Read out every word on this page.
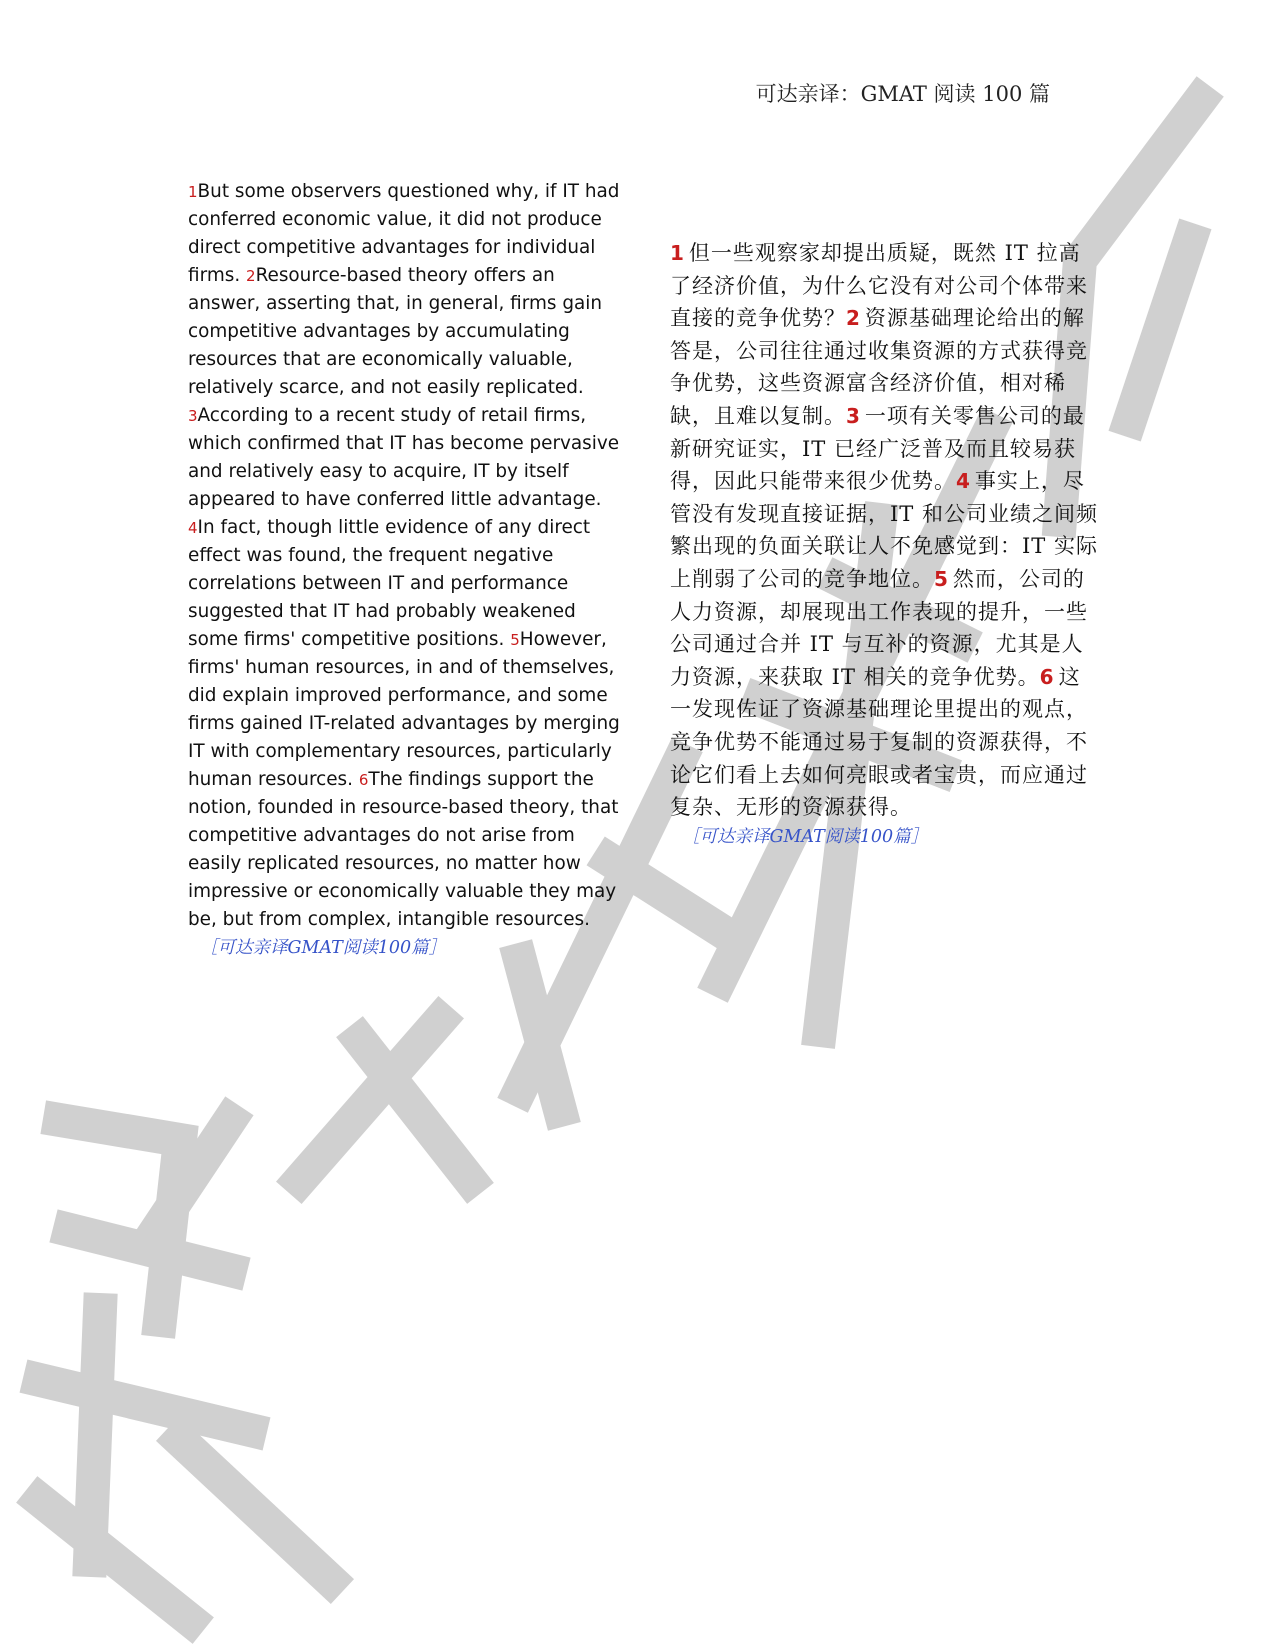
可达亲译：GMAT 阅读 100 篇
1But some observers questioned why, if IT had conferred economic value, it did not produce direct competitive advantages for individual firms. 2Resource-based theory offers an answer, asserting that, in general, firms gain competitive advantages by accumulating resources that are economically valuable, relatively scarce, and not easily replicated. 3According to a recent study of retail firms, which confirmed that IT has become pervasive and relatively easy to acquire, IT by itself appeared to have conferred little advantage. 4In fact, though little evidence of any direct effect was found, the frequent negative correlations between IT and performance suggested that IT had probably weakened some firms' competitive positions. 5However, firms' human resources, in and of themselves, did explain improved performance, and some firms gained IT-related advantages by merging IT with complementary resources, particularly human resources. 6The findings support the notion, founded in resource-based theory, that competitive advantages do not arise from easily replicated resources, no matter how impressive or economically valuable they may be, but from complex, intangible resources.
［可达亲译GMAT阅读100篇］
1 但一些观察家却提出质疑，既然 IT 拉高了经济价值，为什么它没有对公司个体带来直接的竞争优势？2 资源基础理论给出的解答是，公司往往通过收集资源的方式获得竞争优势，这些资源富含经济价值，相对稀缺，且难以复制。3 一项有关零售公司的最新研究证实，IT 已经广泛普及而且较易获得，因此只能带来很少优势。4 事实上，尽管没有发现直接证据，IT 和公司业绩之间频繁出现的负面关联让人不免感觉到：IT 实际上削弱了公司的竞争地位。5 然而，公司的人力资源，却展现出工作表现的提升，一些公司通过合并 IT 与互补的资源，尤其是人力资源，来获取 IT 相关的竞争优势。6 这一发现佐证了资源基础理论里提出的观点，竞争优势不能通过易于复制的资源获得，不论它们看上去如何亮眼或者宝贵，而应通过复杂、无形的资源获得。
［可达亲译GMAT阅读100篇］
